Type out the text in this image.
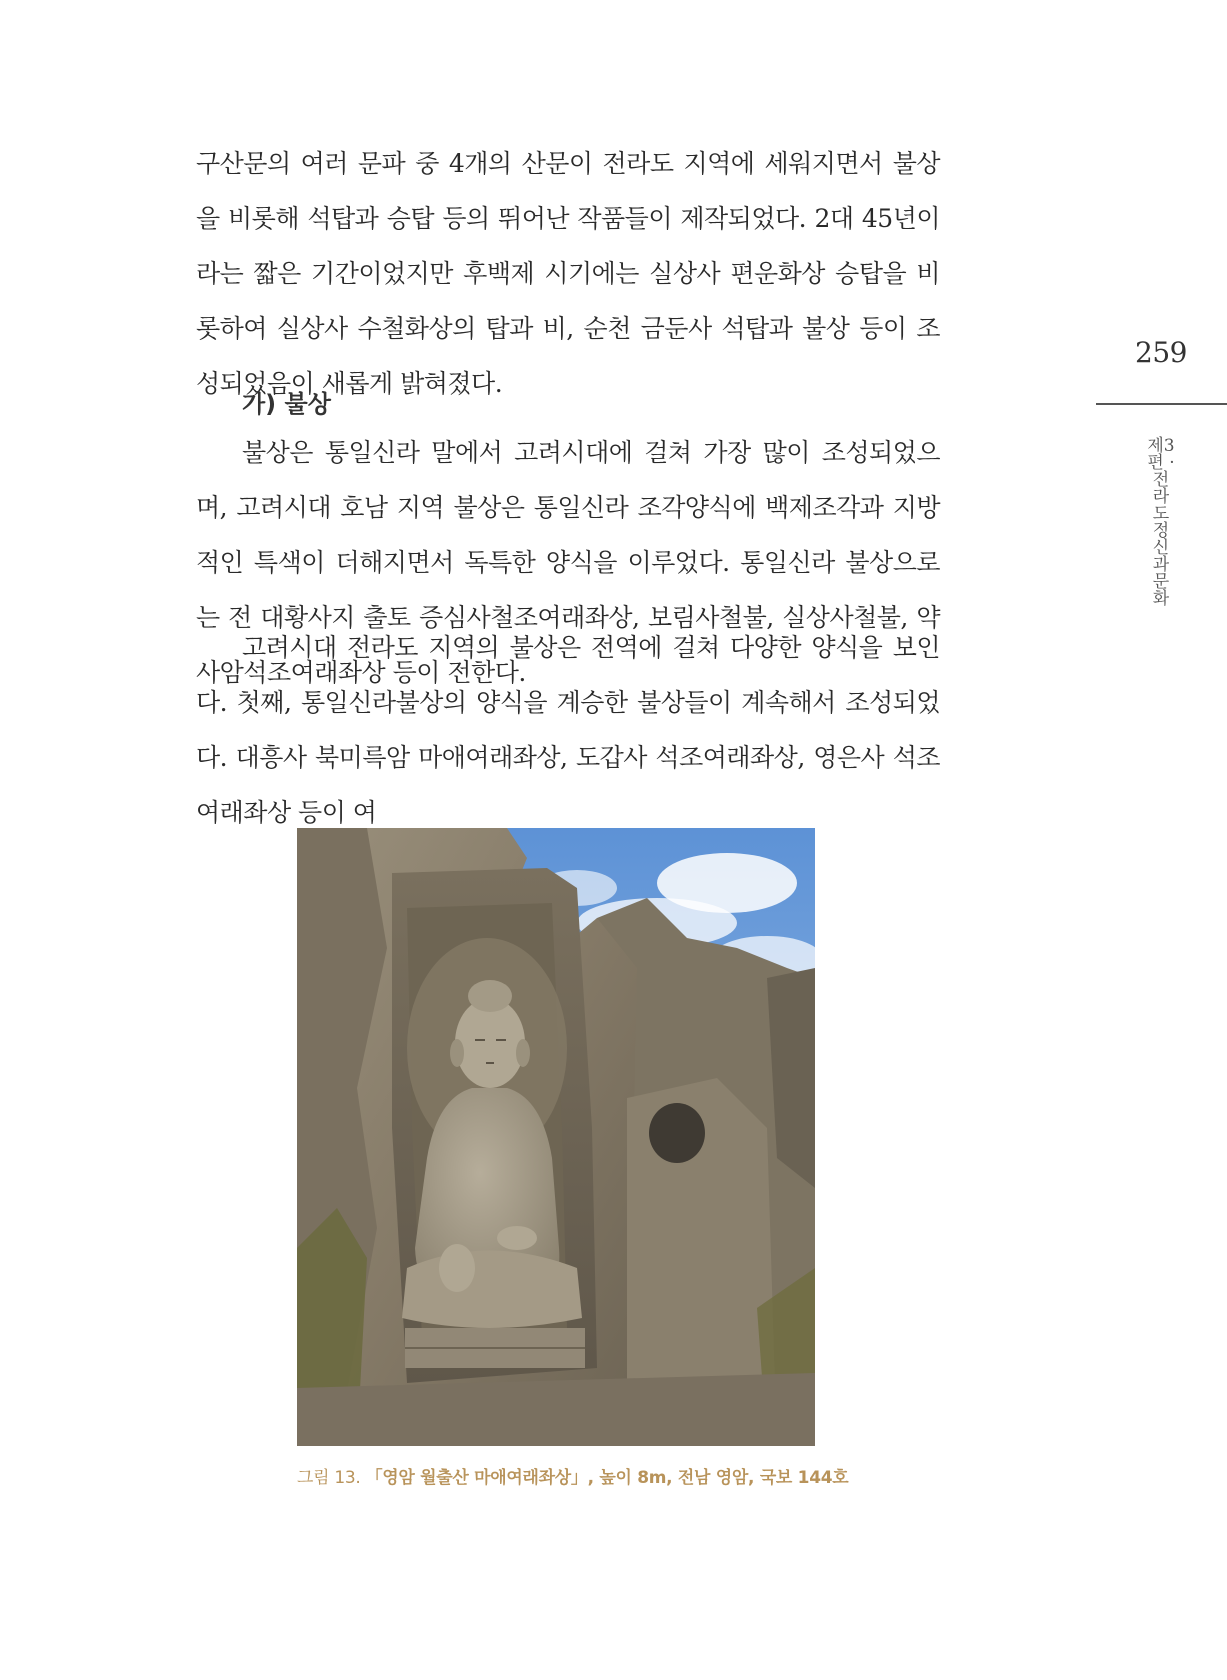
구산문의 여러 문파 중 4개의 산문이 전라도 지역에 세워지면서 불상을 비롯해 석탑과 승탑 등의 뛰어난 작품들이 제작되었다. 2대 45년이라는 짧은 기간이었지만 후백제 시기에는 실상사 편운화상 승탑을 비롯하여 실상사 수철화상의 탑과 비, 순천 금둔사 석탑과 불상 등이 조성되었음이 새롭게 밝혀졌다.

가) 불상

불상은 통일신라 말에서 고려시대에 걸쳐 가장 많이 조성되었으며, 고려시대 호남 지역 불상은 통일신라 조각양식에 백제조각과 지방적인 특색이 더해지면서 독특한 양식을 이루었다. 통일신라 불상으로는 전 대황사지 출토 증심사철조여래좌상, 보림사철불, 실상사철불, 약사암석조여래좌상 등이 전한다.

고려시대 전라도 지역의 불상은 전역에 걸쳐 다양한 양식을 보인다. 첫째, 통일신라불상의 양식을 계승한 불상들이 계속해서 조성되었다. 대흥사 북미륵암 마애여래좌상, 도갑사 석조여래좌상, 영은사 석조여래좌상 등이 여

259
제3편 · 전라도 정신과 문화
그림 13. 「영암 월출산 마애여래좌상」, 높이 8m, 전남 영암, 국보 144호
